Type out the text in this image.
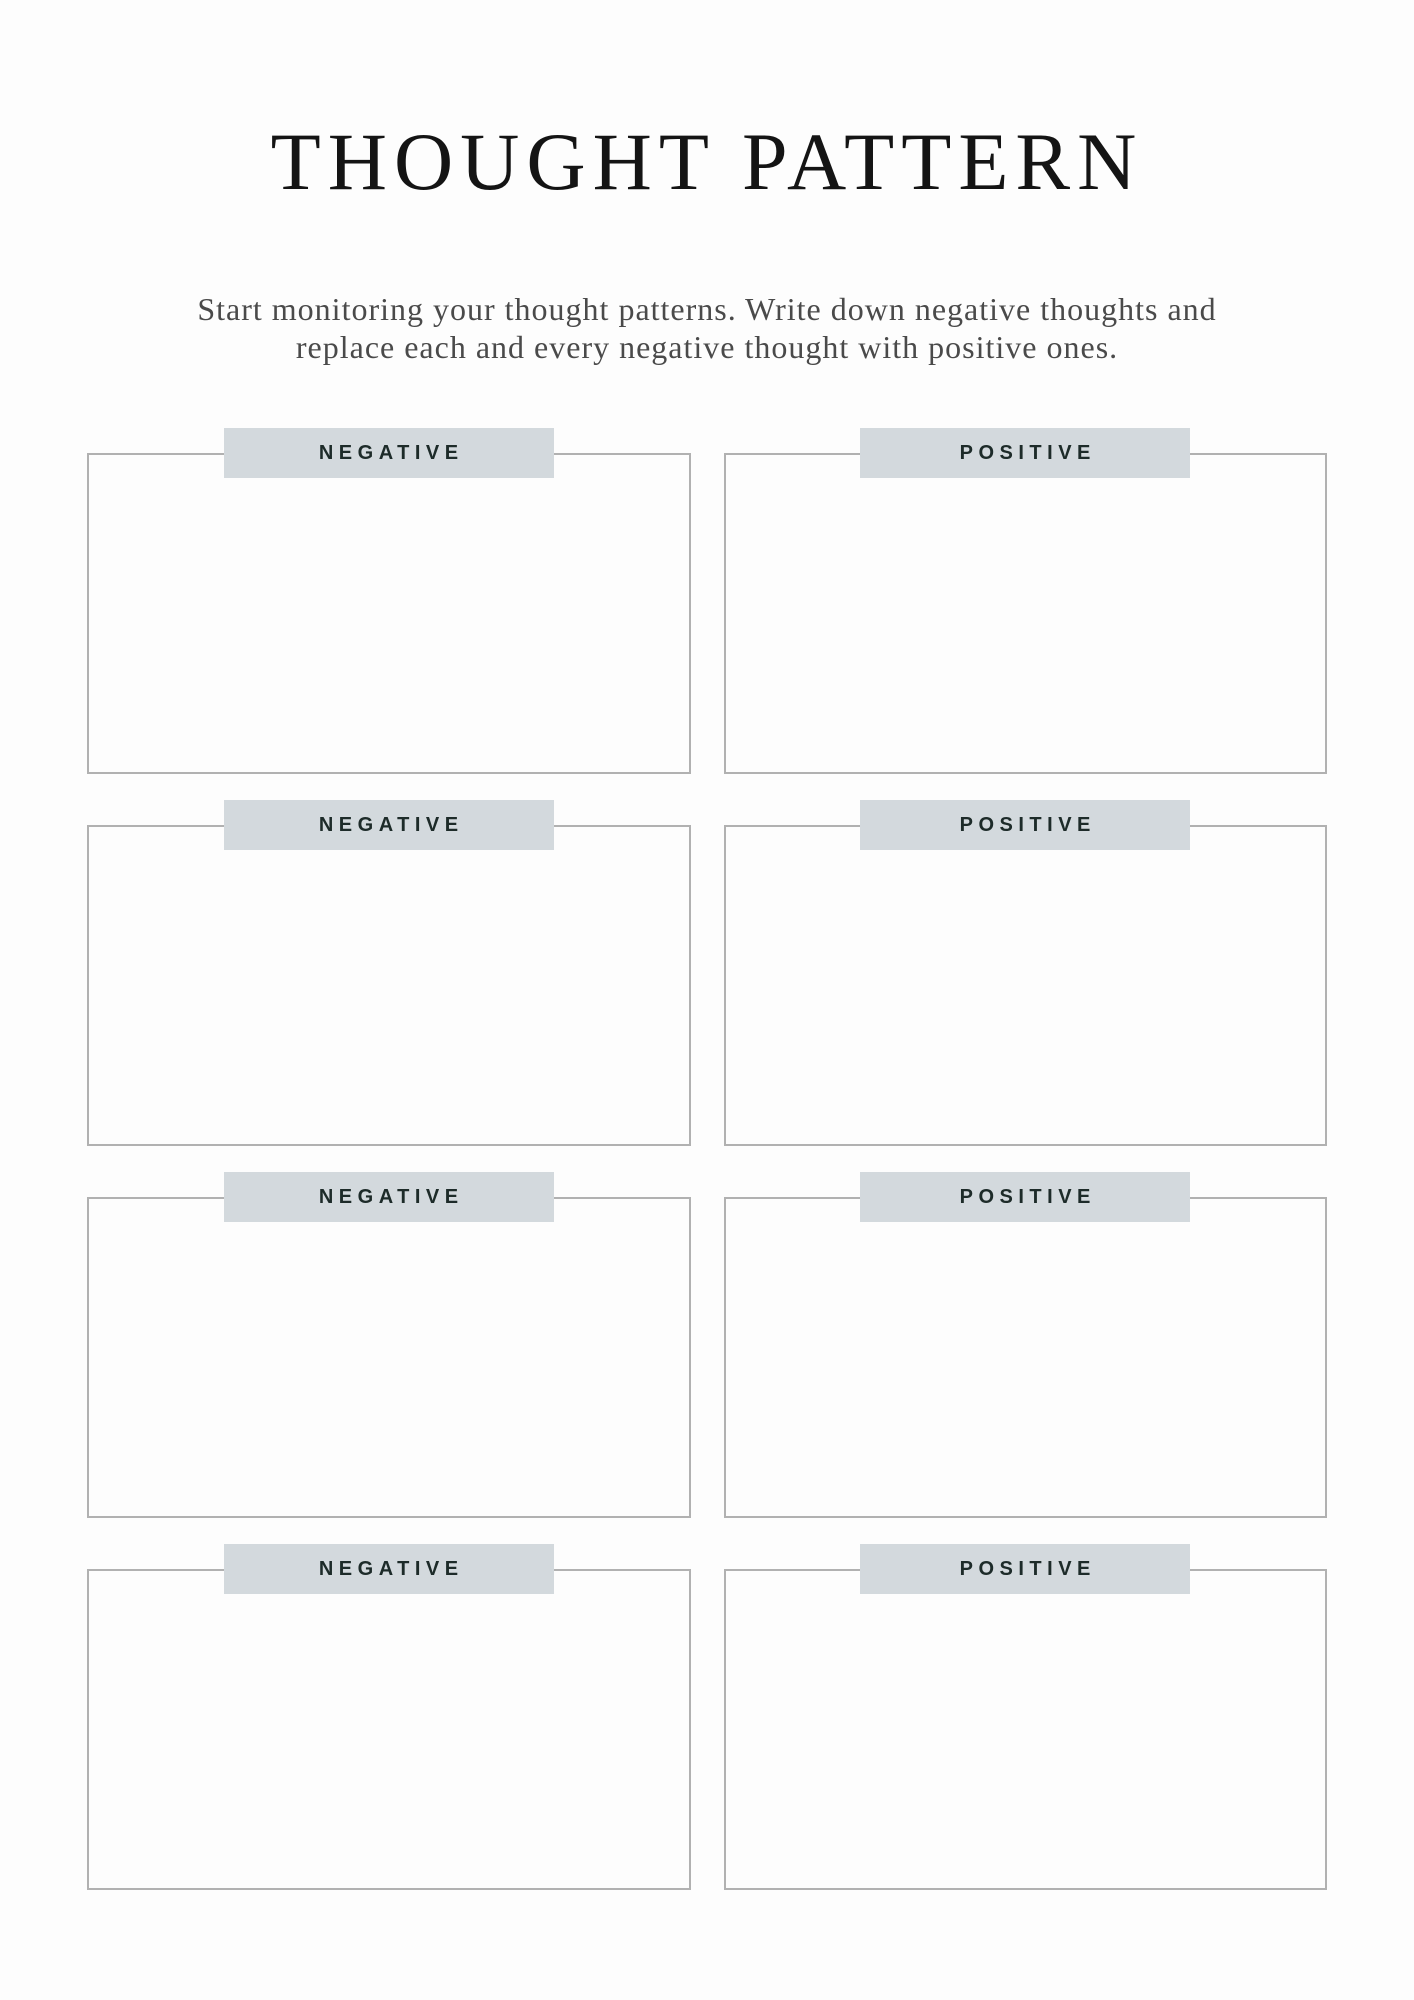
THOUGHT PATTERN

Start monitoring your thought patterns. Write down negative thoughts and
replace each and every negative thought with positive ones.

NEGATIVE	POSITIVE
NEGATIVE	POSITIVE
NEGATIVE	POSITIVE
NEGATIVE	POSITIVE
